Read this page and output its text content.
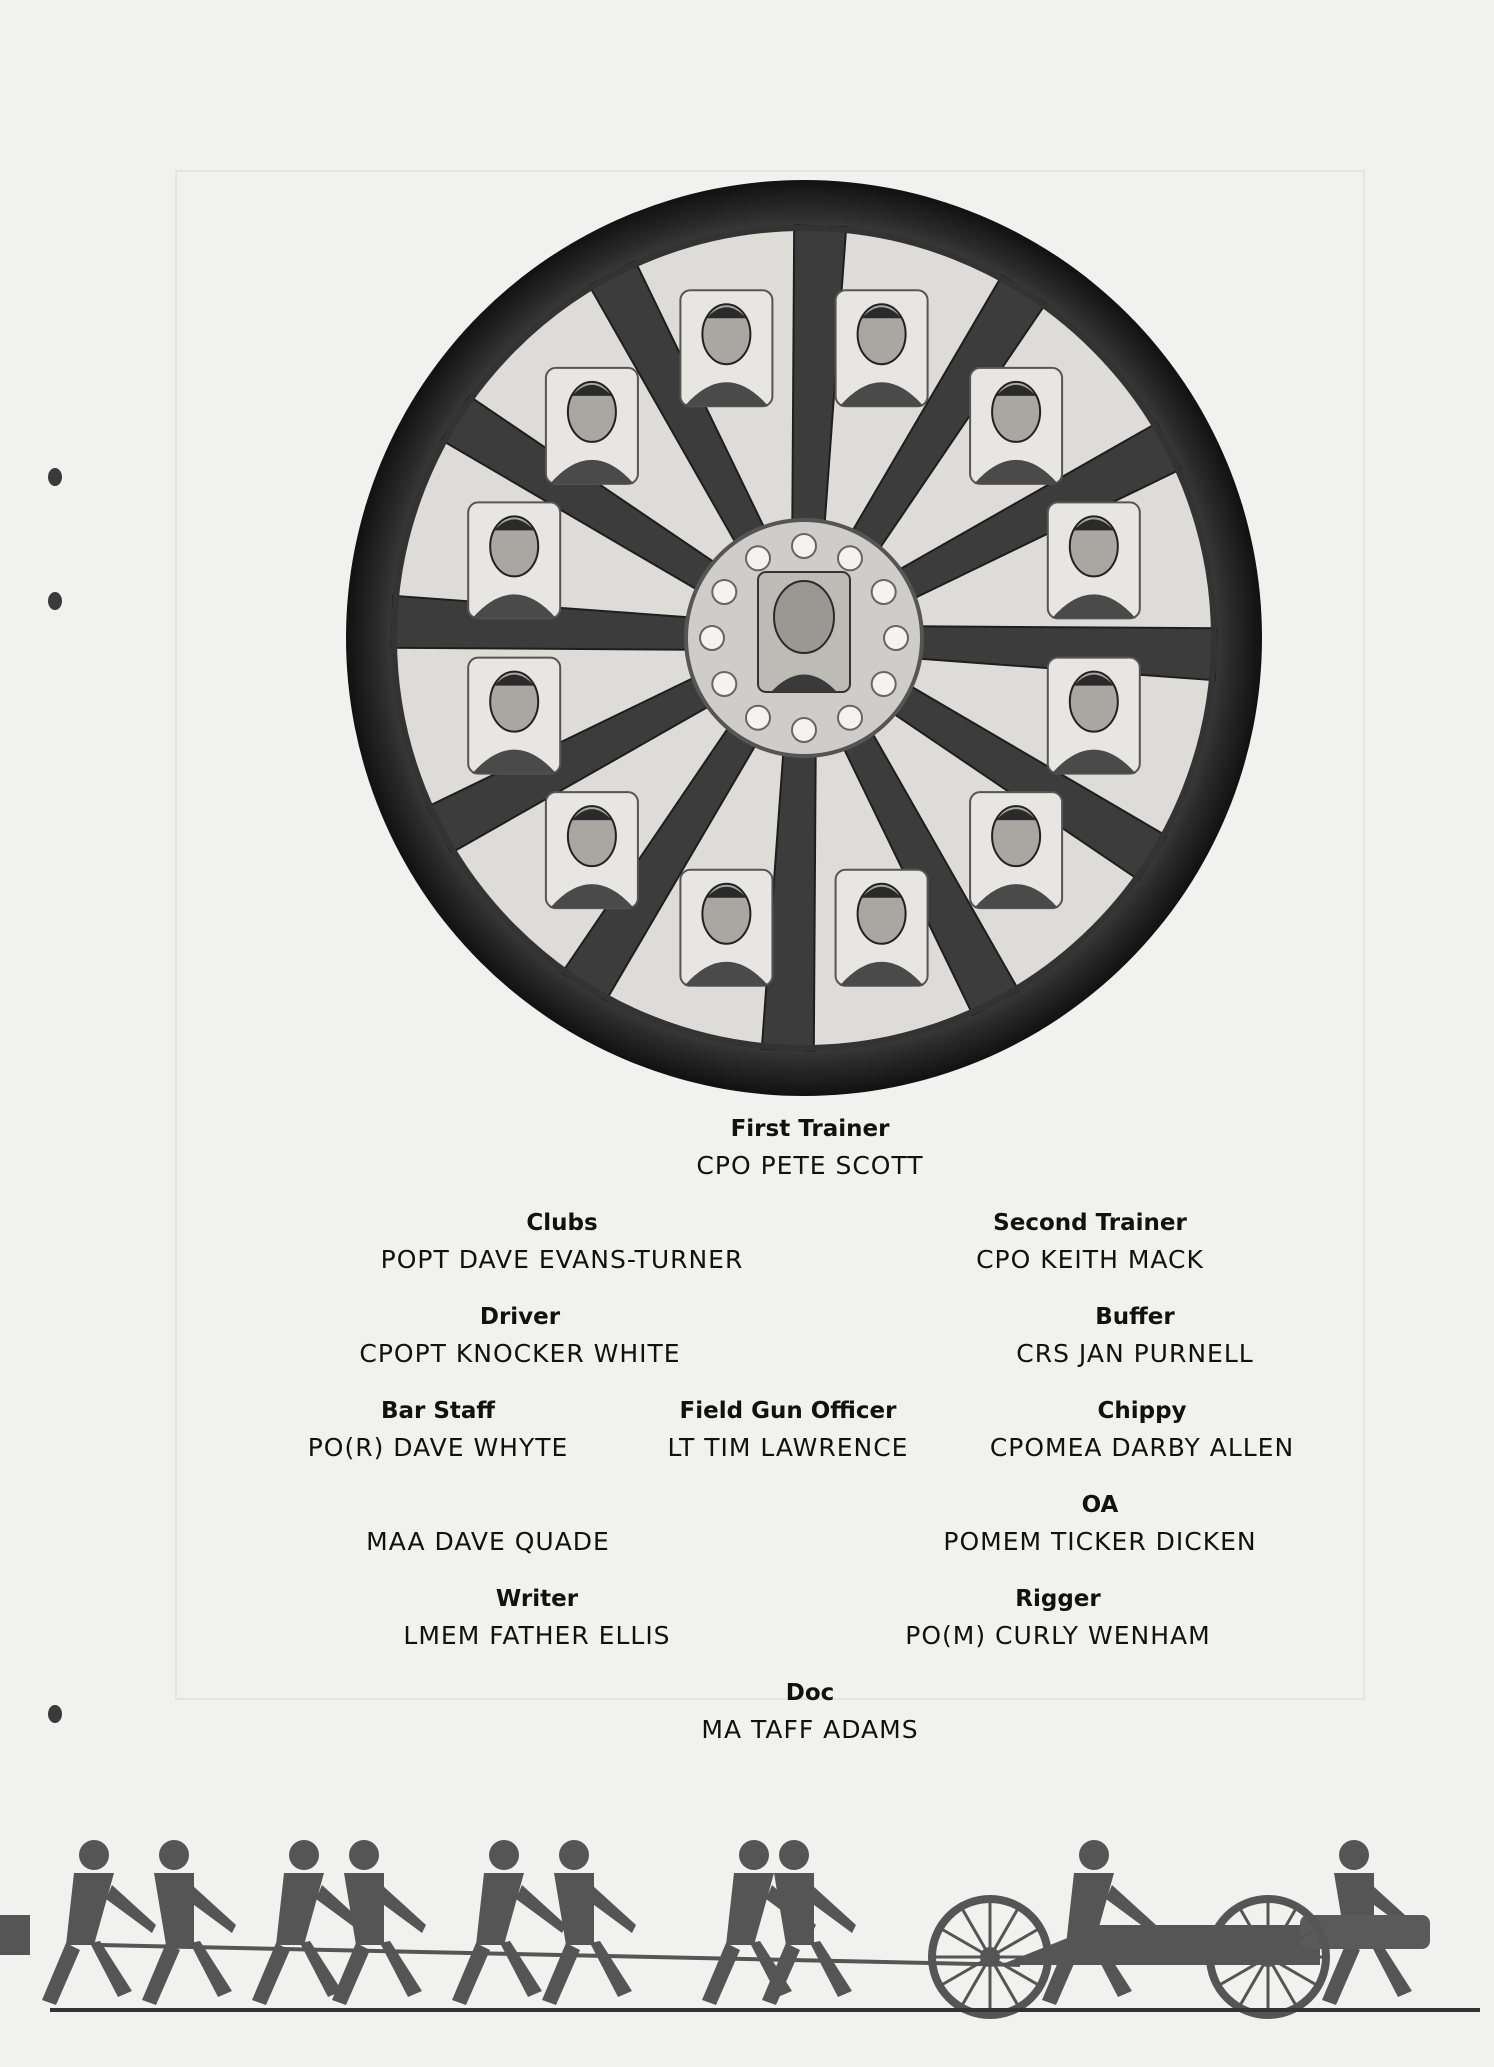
First Trainer
CPO PETE SCOTT
Clubs
POPT DAVE EVANS-TURNER
Second Trainer
CPO KEITH MACK
Driver
CPOPT KNOCKER WHITE
Buffer
CRS JAN PURNELL
Bar Staff
PO(R) DAVE WHYTE
Field Gun Officer
LT TIM LAWRENCE
Chippy
CPOMEA DARBY ALLEN

MAA DAVE QUADE
OA
POMEM TICKER DICKEN
Writer
LMEM FATHER ELLIS
Rigger
PO(M) CURLY WENHAM
Doc
MA TAFF ADAMS
